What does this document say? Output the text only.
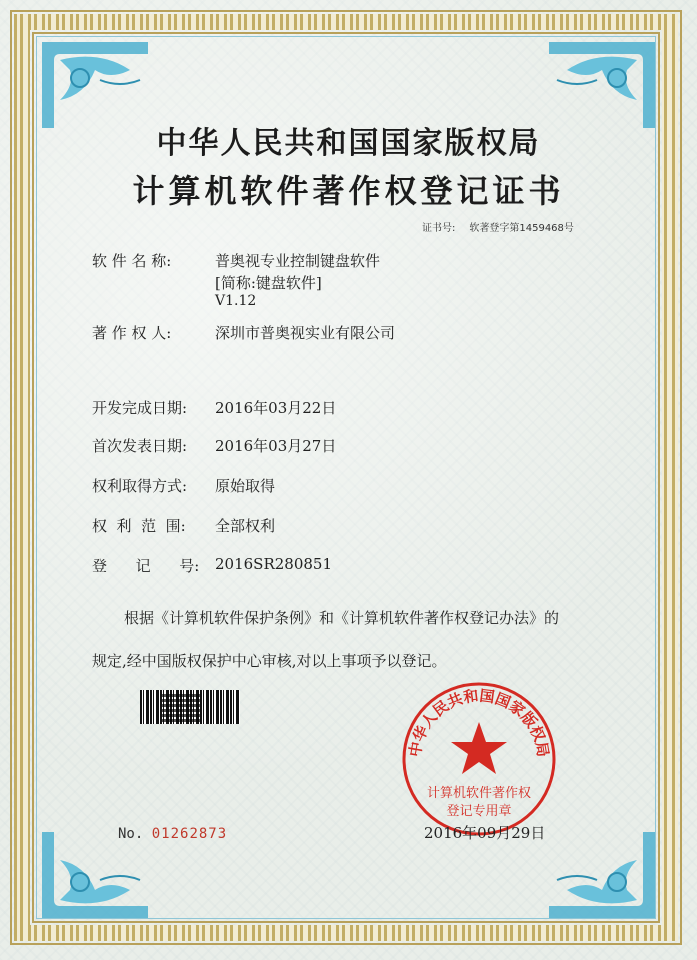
中华人民共和国国家版权局
计算机软件著作权登记证书
证书号: 软著登字第1459468号
软 件 名 称:	普奥视专业控制键盘软件
[简称:键盘软件]
V1.12
著 作 权 人:	深圳市普奥视实业有限公司
开发完成日期: 2016年03月22日
首次发表日期: 2016年03月27日
权利取得方式: 原始取得
权  利  范  围: 全部权利
登      记      号: 2016SR280851
根据《计算机软件保护条例》和《计算机软件著作权登记办法》的
规定,经中国版权保护中心审核,对以上事项予以登记。
中华人民共和国国家版权局
计算机软件著作权
登记专用章
No. 01262873	2016年09月29日
